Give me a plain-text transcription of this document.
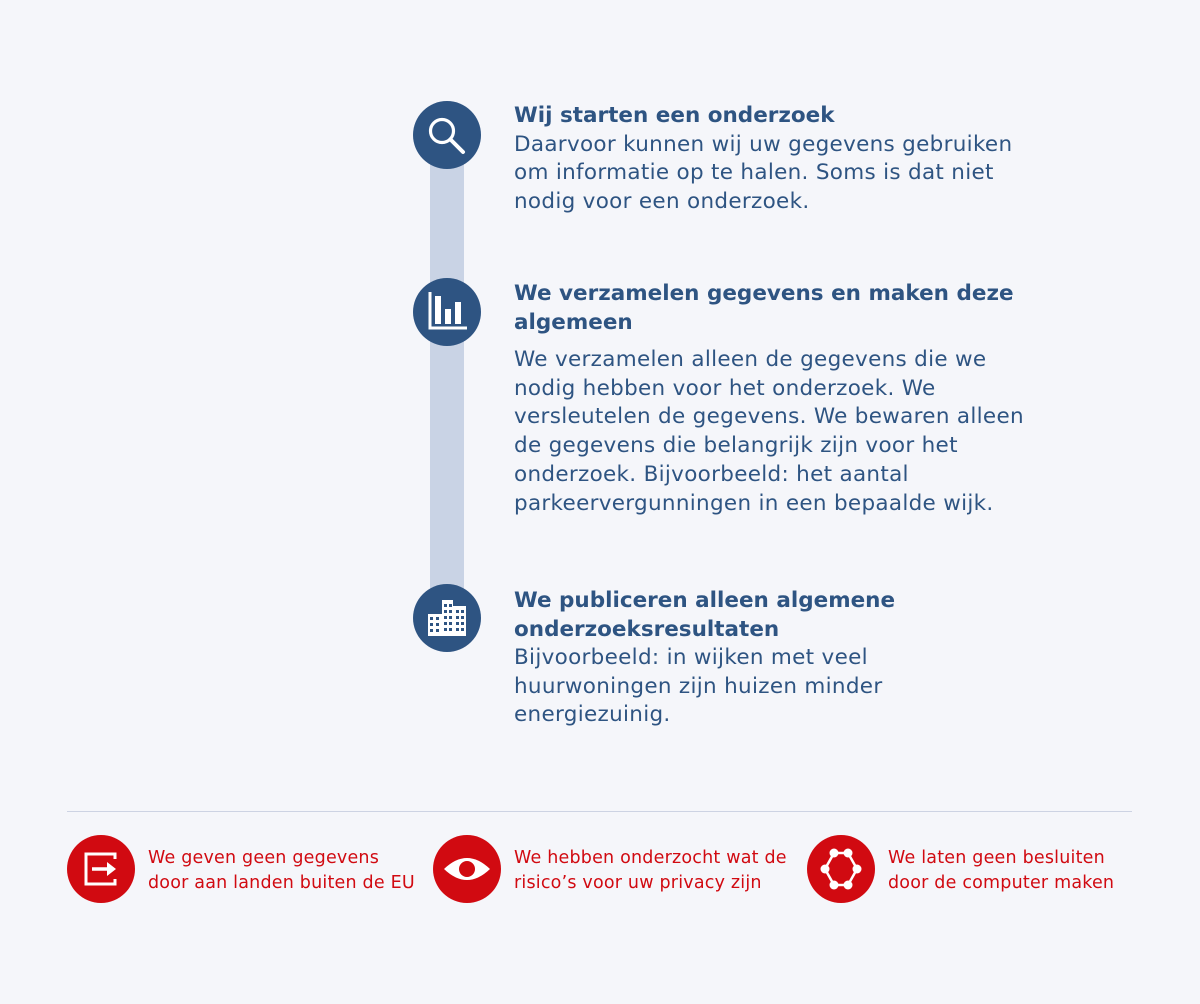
Wij starten een onderzoek

Daarvoor kunnen wij uw gegevens gebruiken om informatie op te halen. Soms is dat niet nodig voor een onderzoek.

We verzamelen gegevens en maken deze algemeen

We verzamelen alleen de gegevens die we nodig hebben voor het onderzoek. We versleutelen de gegevens. We bewaren alleen de gegevens die belangrijk zijn voor het onderzoek. Bijvoorbeeld: het aantal parkeervergunningen in een bepaalde wijk.

We publiceren alleen algemene onderzoeksresultaten

Bijvoorbeeld: in wijken met veel huurwoningen zijn huizen minder energiezuinig.

We geven geen gegevens
door aan landen buiten de EU
We hebben onderzocht wat de
risico’s voor uw privacy zijn
We laten geen besluiten
door de computer maken
